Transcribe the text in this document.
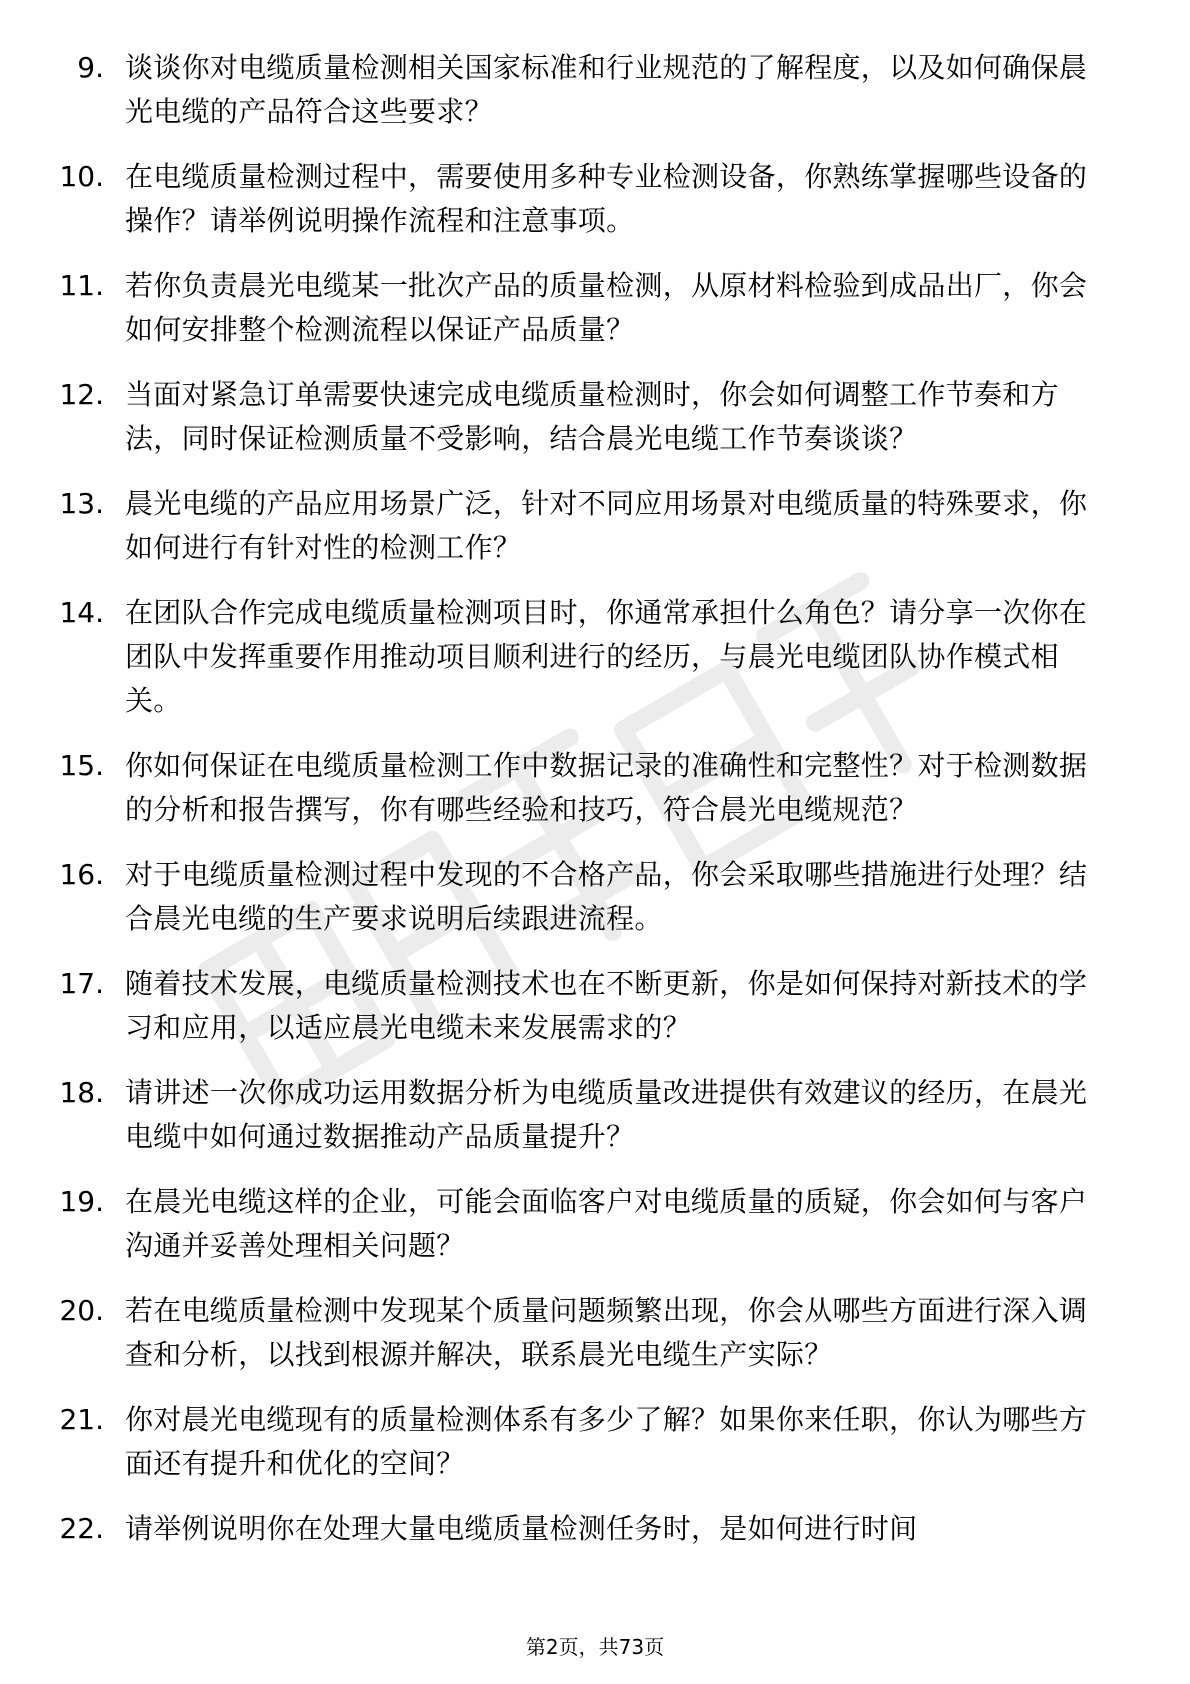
9. 谈谈你对电缆质量检测相关国家标准和行业规范的了解程度，以及如何确保晨光电缆的产品符合这些要求？
10. 在电缆质量检测过程中，需要使用多种专业检测设备，你熟练掌握哪些设备的操作？请举例说明操作流程和注意事项。
11. 若你负责晨光电缆某一批次产品的质量检测，从原材料检验到成品出厂，你会如何安排整个检测流程以保证产品质量？
12. 当面对紧急订单需要快速完成电缆质量检测时，你会如何调整工作节奏和方法，同时保证检测质量不受影响，结合晨光电缆工作节奏谈谈？
13. 晨光电缆的产品应用场景广泛，针对不同应用场景对电缆质量的特殊要求，你如何进行有针对性的检测工作？
14. 在团队合作完成电缆质量检测项目时，你通常承担什么角色？请分享一次你在团队中发挥重要作用推动项目顺利进行的经历，与晨光电缆团队协作模式相关。
15. 你如何保证在电缆质量检测工作中数据记录的准确性和完整性？对于检测数据的分析和报告撰写，你有哪些经验和技巧，符合晨光电缆规范？
16. 对于电缆质量检测过程中发现的不合格产品，你会采取哪些措施进行处理？结合晨光电缆的生产要求说明后续跟进流程。
17. 随着技术发展，电缆质量检测技术也在不断更新，你是如何保持对新技术的学习和应用，以适应晨光电缆未来发展需求的？
18. 请讲述一次你成功运用数据分析为电缆质量改进提供有效建议的经历，在晨光电缆中如何通过数据推动产品质量提升？
19. 在晨光电缆这样的企业，可能会面临客户对电缆质量的质疑，你会如何与客户沟通并妥善处理相关问题？
20. 若在电缆质量检测中发现某个质量问题频繁出现，你会从哪些方面进行深入调查和分析，以找到根源并解决，联系晨光电缆生产实际？
21. 你对晨光电缆现有的质量检测体系有多少了解？如果你来任职，你认为哪些方面还有提升和优化的空间？
22. 请举例说明你在处理大量电缆质量检测任务时，是如何进行时间
第2页，共73页
